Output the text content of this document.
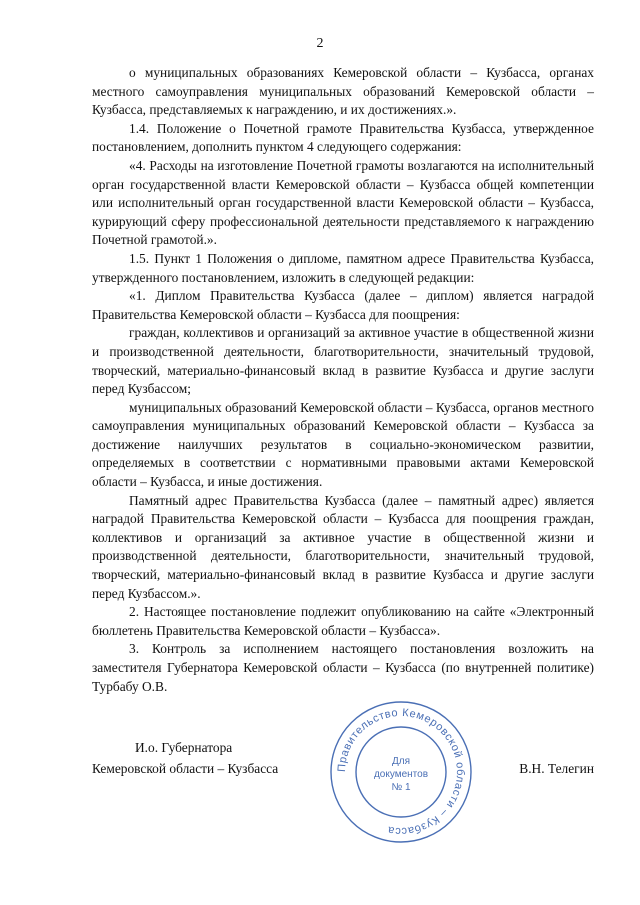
2

о муниципальных образованиях Кемеровской области – Кузбасса, органах местного самоуправления муниципальных образований Кемеровской области – Кузбасса, представляемых к награждению, и их достижениях.».

1.4. Положение о Почетной грамоте Правительства Кузбасса, утвержденное постановлением, дополнить пунктом 4 следующего содержания:

«4. Расходы на изготовление Почетной грамоты возлагаются на исполнительный орган государственной власти Кемеровской области – Кузбасса общей компетенции или исполнительный орган государственной власти Кемеровской области – Кузбасса, курирующий сферу профессиональной деятельности представляемого к награждению Почетной грамотой.».

1.5. Пункт 1 Положения о дипломе, памятном адресе Правительства Кузбасса, утвержденного постановлением, изложить в следующей редакции:

«1. Диплом Правительства Кузбасса (далее – диплом) является наградой Правительства Кемеровской области – Кузбасса для поощрения:

граждан, коллективов и организаций за активное участие в общественной жизни и производственной деятельности, благотворительности, значительный трудовой, творческий, материально-финансовый вклад в развитие Кузбасса и другие заслуги перед Кузбассом;

муниципальных образований Кемеровской области – Кузбасса, органов местного самоуправления муниципальных образований Кемеровской области – Кузбасса за достижение наилучших результатов в социально-экономическом развитии, определяемых в соответствии с нормативными правовыми актами Кемеровской области – Кузбасса, и иные достижения.

Памятный адрес Правительства Кузбасса (далее – памятный адрес) является наградой Правительства Кемеровской области – Кузбасса для поощрения граждан, коллективов и организаций за активное участие в общественной жизни и производственной деятельности, благотворительности, значительный трудовой, творческий, материально-финансовый вклад в развитие Кузбасса и другие заслуги перед Кузбассом.».

2. Настоящее постановление подлежит опубликованию на сайте «Электронный бюллетень Правительства Кемеровской области – Кузбасса».

3. Контроль за исполнением настоящего постановления возложить на заместителя Губернатора Кемеровской области – Кузбасса (по внутренней политике) Турбабу О.В.

И.о. Губернатора
Кемеровской области – Кузбасса	В.Н. Телегин
Правительство Кемеровской области – Кузбасса
Для
документов
№ 1
